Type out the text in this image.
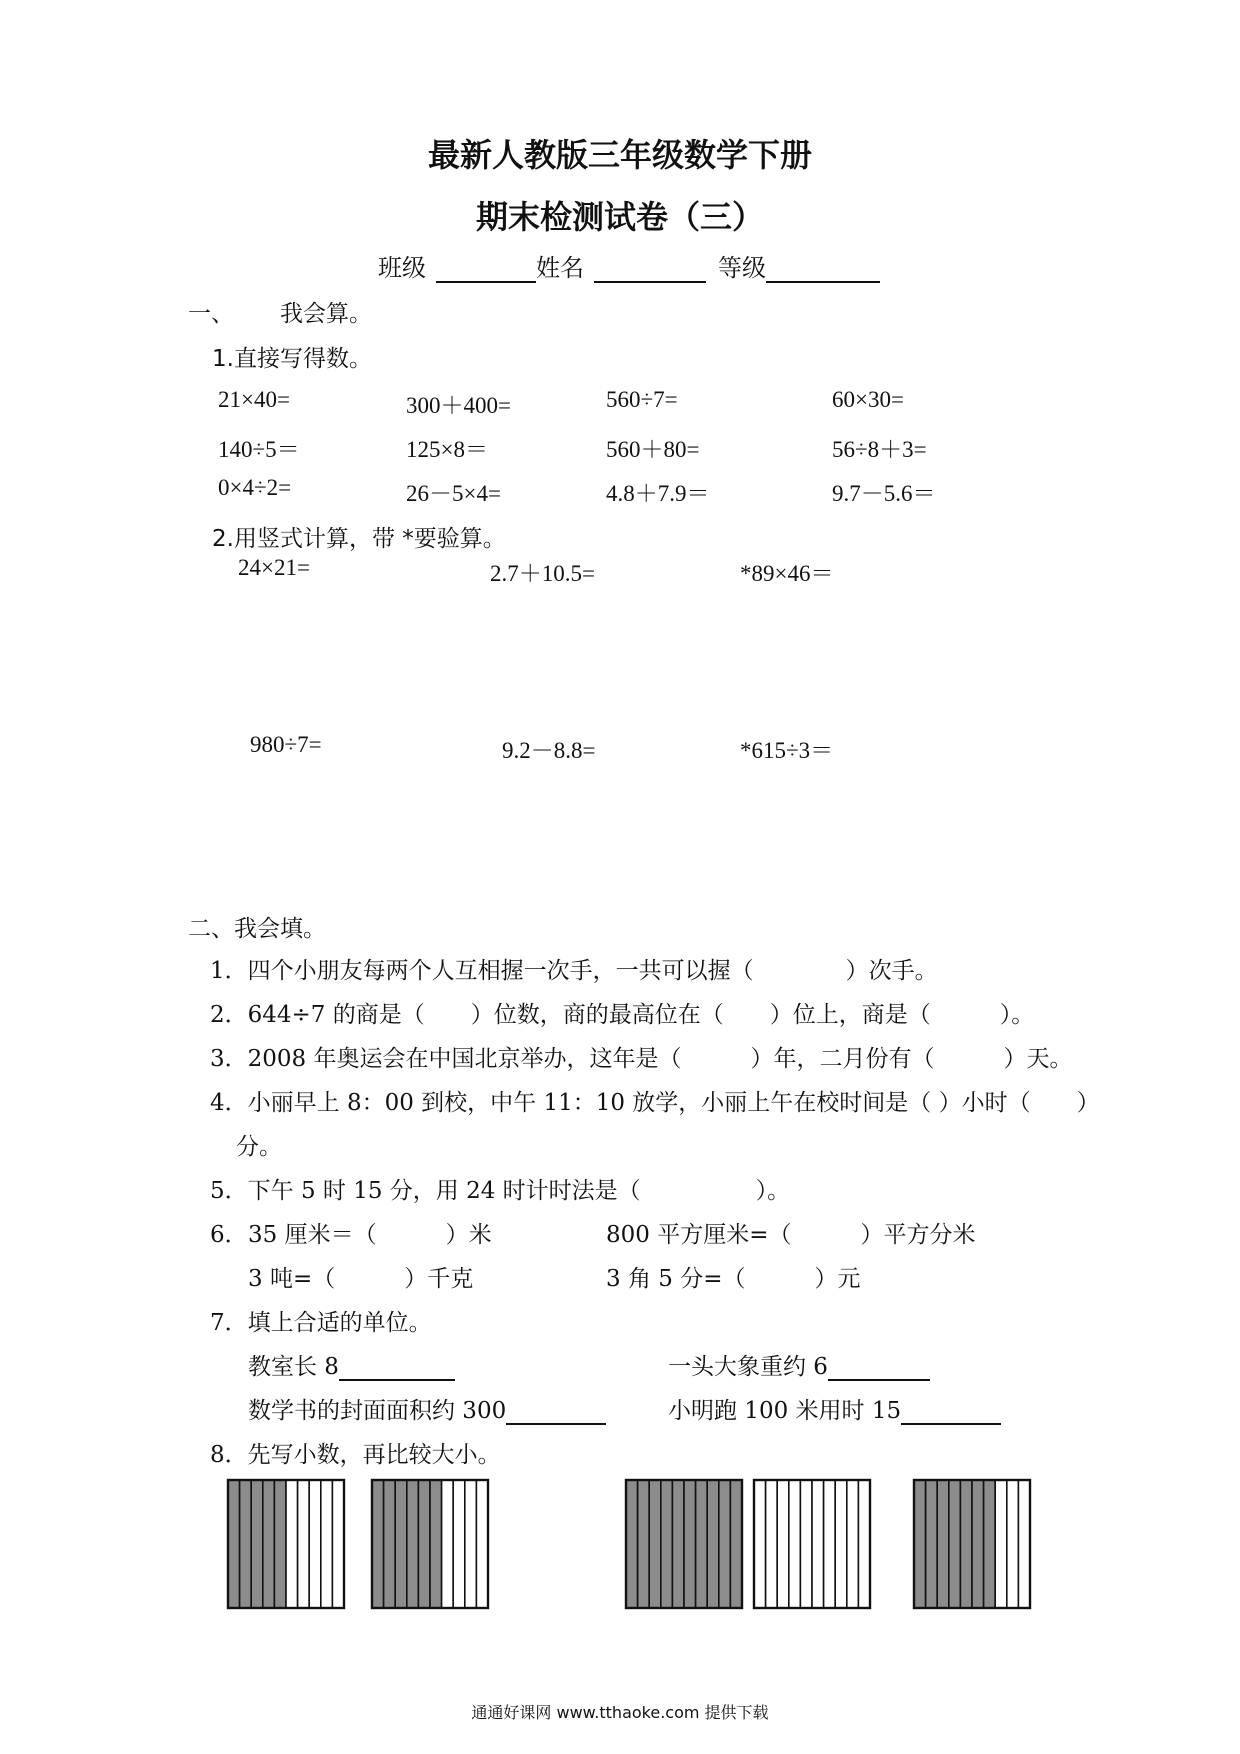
最新人教版三年级数学下册
期末检测试卷（三）
班级	姓名	等级
一、 我会算。
1.直接写得数。
21×40=	300＋400=	560÷7=	60×30=
140÷5＝	125×8＝	560＋80=	56÷8＋3=
0×4÷2=	26－5×4=	4.8＋7.9＝	9.7－5.6＝
2.用竖式计算，带 *要验算。
24×21=	2.7＋10.5=	*89×46＝
980÷7=	9.2－8.8=	*615÷3＝
二、我会填。
1．四个小朋友每两个人互相握一次手，一共可以握（　　　　）次手。
2．644÷7 的商是（　　）位数，商的最高位在（　　）位上，商是（　　　）。
3．2008 年奥运会在中国北京举办，这年是（　　　）年，二月份有（　　　）天。
4．小丽早上 8：00 到校，中午 11：10 放学，小丽上午在校时间是（ ）小时（　　）
分。
5．下午 5 时 15 分，用 24 时计时法是（　　　　　）。
6． 35 厘米＝（　　　）米	800 平方厘米=（　　　）平方分米
3 吨=（　　　）千克	3 角 5 分=（　　　）元
7．填上合适的单位。
教室长 8	一头大象重约 6
数学书的封面面积约 300	小明跑 100 米用时 15
8．先写小数，再比较大小。
通通好课网 www.tthaoke.com 提供下载
